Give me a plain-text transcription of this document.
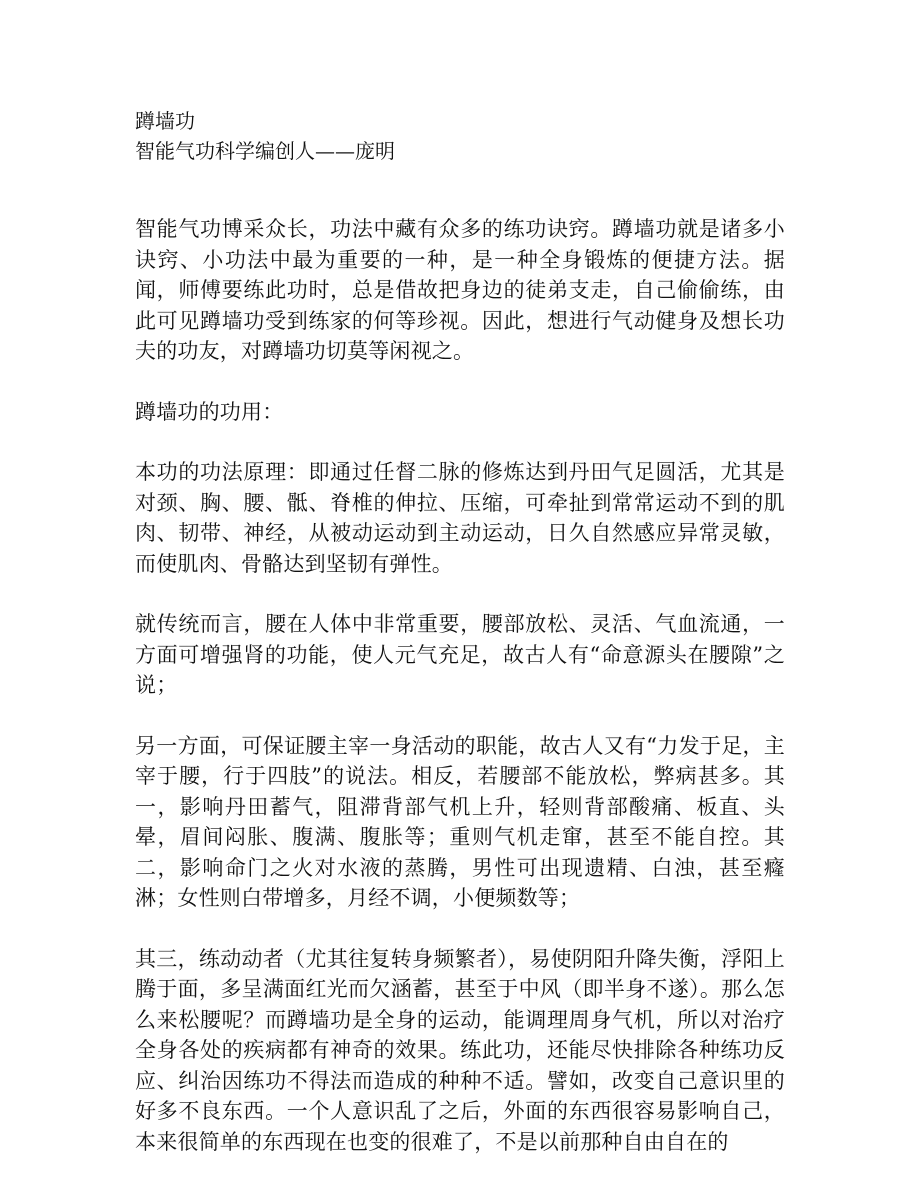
蹲墙功

智能气功科学编创人——庞明

智能气功博采众长，功法中藏有众多的练功诀窍。蹲墙功就是诸多小诀窍、小功法中最为重要的一种，是一种全身锻炼的便捷方法。据闻，师傅要练此功时，总是借故把身边的徒弟支走，自己偷偷练，由此可见蹲墙功受到练家的何等珍视。因此，想进行气动健身及想长功夫的功友，对蹲墙功切莫等闲视之。

蹲墙功的功用：

本功的功法原理：即通过任督二脉的修炼达到丹田气足圆活，尤其是对颈、胸、腰、骶、脊椎的伸拉、压缩，可牵扯到常常运动不到的肌肉、韧带、神经，从被动运动到主动运动，日久自然感应异常灵敏，而使肌肉、骨骼达到坚韧有弹性。

就传统而言，腰在人体中非常重要，腰部放松、灵活、气血流通，一方面可增强肾的功能，使人元气充足，故古人有“命意源头在腰隙”之说；

另一方面，可保证腰主宰一身活动的职能，故古人又有“力发于足，主宰于腰，行于四肢”的说法。相反，若腰部不能放松，弊病甚多。其一，影响丹田蓄气，阻滞背部气机上升，轻则背部酸痛、板直、头晕，眉间闷胀、腹满、腹胀等；重则气机走窜，甚至不能自控。其二，影响命门之火对水液的蒸腾，男性可出现遗精、白浊，甚至癃淋；女性则白带增多，月经不调，小便频数等；

其三，练动动者（尤其往复转身频繁者），易使阴阳升降失衡，浮阳上腾于面，多呈满面红光而欠涵蓄，甚至于中风（即半身不遂）。那么怎么来松腰呢？而蹲墙功是全身的运动，能调理周身气机，所以对治疗全身各处的疾病都有神奇的效果。练此功，还能尽快排除各种练功反应、纠治因练功不得法而造成的种种不适。譬如，改变自己意识里的好多不良东西。一个人意识乱了之后，外面的东西很容易影响自己，本来很简单的东西现在也变的很难了，不是以前那种自由自在的
